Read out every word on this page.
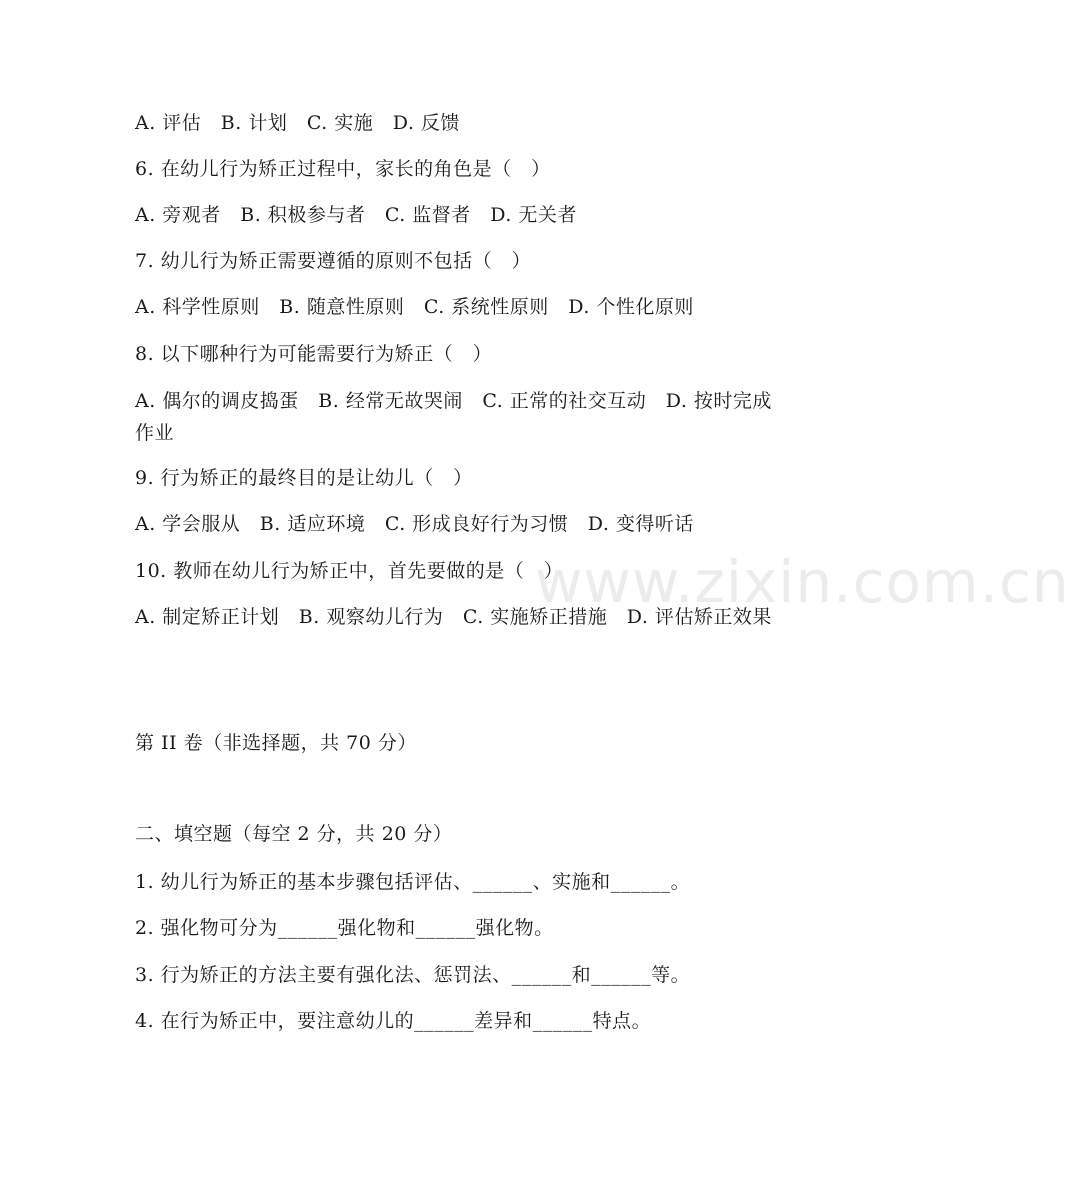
www.zixin.com.cn
A. 评估　B. 计划　C. 实施　D. 反馈
6. 在幼儿行为矫正过程中，家长的角色是（　）
A. 旁观者　B. 积极参与者　C. 监督者　D. 无关者
7. 幼儿行为矫正需要遵循的原则不包括（　）
A. 科学性原则　B. 随意性原则　C. 系统性原则　D. 个性化原则
8. 以下哪种行为可能需要行为矫正（　）
A. 偶尔的调皮捣蛋　B. 经常无故哭闹　C. 正常的社交互动　D. 按时完成作业
9. 行为矫正的最终目的是让幼儿（　）
A. 学会服从　B. 适应环境　C. 形成良好行为习惯　D. 变得听话
10. 教师在幼儿行为矫正中，首先要做的是（　）
A. 制定矫正计划　B. 观察幼儿行为　C. 实施矫正措施　D. 评估矫正效果
第 II 卷（非选择题，共 70 分）
二、填空题（每空 2 分，共 20 分）
1. 幼儿行为矫正的基本步骤包括评估、______、实施和______。
2. 强化物可分为______强化物和______强化物。
3. 行为矫正的方法主要有强化法、惩罚法、______和______等。
4. 在行为矫正中，要注意幼儿的______差异和______特点。
